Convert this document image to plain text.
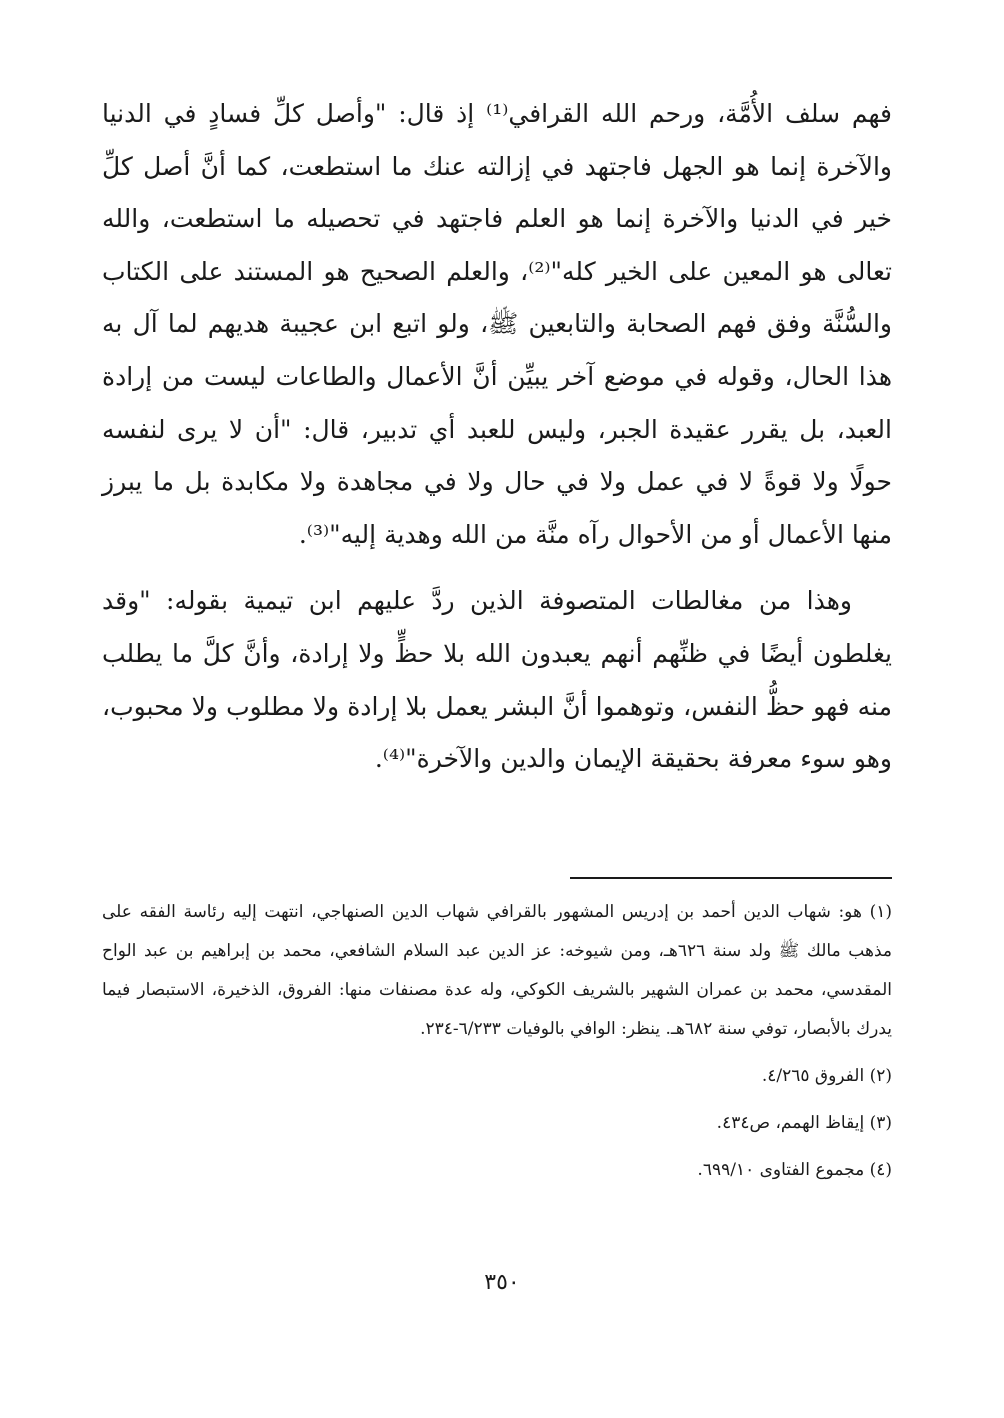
فهم سلف الأُمَّة، ورحم الله القرافي⁽¹⁾ إذ قال: "وأصل كلِّ فسادٍ في الدنيا والآخرة إنما هو الجهل فاجتهد في إزالته عنك ما استطعت، كما أنَّ أصل كلِّ خير في الدنيا والآخرة إنما هو العلم فاجتهد في تحصيله ما استطعت، والله تعالى هو المعين على الخير كله"⁽²⁾، والعلم الصحيح هو المستند على الكتاب والسُّنَّة وفق فهم الصحابة والتابعين ﷺ، ولو اتبع ابن عجيبة هديهم لما آل به هذا الحال، وقوله في موضع آخر يبيِّن أنَّ الأعمال والطاعات ليست من إرادة العبد، بل يقرر عقيدة الجبر، وليس للعبد أي تدبير، قال: "أن لا يرى لنفسه حولًا ولا قوةً لا في عمل ولا في حال ولا في مجاهدة ولا مكابدة بل ما يبرز منها الأعمال أو من الأحوال رآه منَّة من الله وهدية إليه"⁽³⁾.

وهذا من مغالطات المتصوفة الذين ردَّ عليهم ابن تيمية بقوله: "وقد يغلطون أيضًا في ظنِّهم أنهم يعبدون الله بلا حظٍّ ولا إرادة، وأنَّ كلَّ ما يطلب منه فهو حظُّ النفس، وتوهموا أنَّ البشر يعمل بلا إرادة ولا مطلوب ولا محبوب، وهو سوء معرفة بحقيقة الإيمان والدين والآخرة"⁽⁴⁾.

(١) هو: شهاب الدين أحمد بن إدريس المشهور بالقرافي شهاب الدين الصنهاجي، انتهت إليه رئاسة الفقه على مذهب مالك ﷺ ولد سنة ٦٢٦هـ، ومن شيوخه: عز الدين عبد السلام الشافعي، محمد بن إبراهيم بن عبد الواح المقدسي، محمد بن عمران الشهير بالشريف الكوكي، وله عدة مصنفات منها: الفروق، الذخيرة، الاستبصار فيما يدرك بالأبصار، توفي سنة ٦٨٢هـ. ينظر: الوافي بالوفيات ٦/٢٣٣-٢٣٤.

(٢) الفروق ٤/٢٦٥.

(٣) إيقاظ الهمم، ص٤٣٤.

(٤) مجموع الفتاوى ٦٩٩/١٠.

٣٥٠
